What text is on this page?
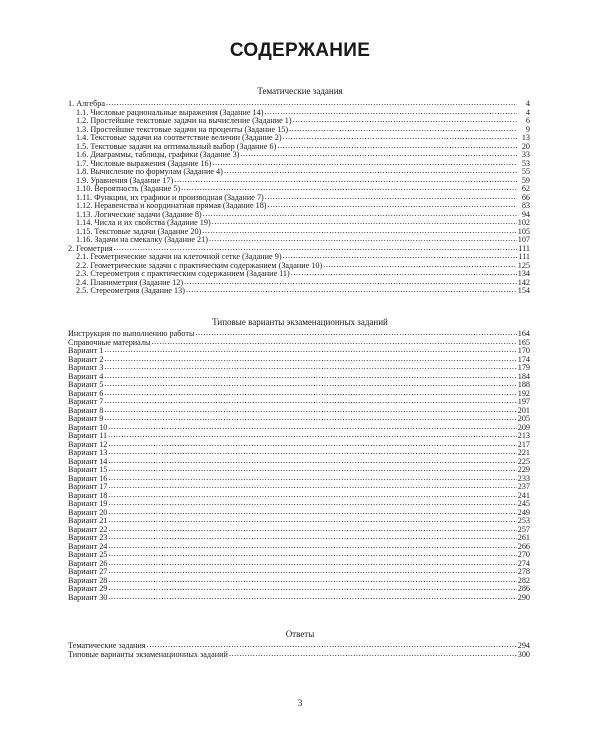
СОДЕРЖАНИЕ
Тематические задания
1. Алгебра .....	4
1.1. Числовые рациональные выражения (Задание 14) .....	4
1.2. Простейшие текстовые задачи на вычисление (Задание 1) .....	6
1.3. Простейшие текстовые задачи на проценты (Задание 15) .....	9
1.4. Текстовые задачи на соответствие величин (Задание 2) .....	13
1.5. Текстовые задачи на оптимальный выбор (Задание 6) .....	20
1.6. Диаграммы, таблицы, графики (Задание 3) .....	33
1.7. Числовые выражения (Задание 16) .....	53
1.8. Вычисление по формулам (Задание 4) .....	55
1.9. Уравнения (Задание 17) .....	59
1.10. Вероятность (Задание 5) .....	62
1.11. Функции, их графики и производная (Задание 7) .....	66
1.12. Неравенства и координатная прямая (Задание 18) .....	83
1.13. Логические задачи (Задание 8) .....	94
1.14. Числа и их свойства (Задание 19) .....	102
1.15. Текстовые задачи (Задание 20) .....	105
1.16. Задачи на смекалку (Задание 21) .....	107
2. Геометрия .....	111
2.1. Геометрические задачи на клеточной сетке (Задание 9) .....	111
2.2. Геометрические задачи с практическим содержанием (Задание 10) .....	125
2.3. Стереометрия с практическим содержанием (Задание 11) .....	134
2.4. Планиметрия (Задание 12) .....	142
2.5. Стереометрия (Задание 13) .....	154
Типовые варианты экзаменационных заданий
Инструкция по выполнению работы .....	164
Справочные материалы .....	165
Вариант 1 .....	170
Вариант 2 .....	174
Вариант 3 .....	179
Вариант 4 .....	184
Вариант 5 .....	188
Вариант 6 .....	192
Вариант 7 .....	197
Вариант 8 .....	201
Вариант 9 .....	205
Вариант 10 .....	209
Вариант 11 .....	213
Вариант 12 .....	217
Вариант 13 .....	221
Вариант 14 .....	225
Вариант 15 .....	229
Вариант 16 .....	233
Вариант 17 .....	237
Вариант 18 .....	241
Вариант 19 .....	245
Вариант 20 .....	249
Вариант 21 .....	253
Вариант 22 .....	257
Вариант 23 .....	261
Вариант 24 .....	266
Вариант 25 .....	270
Вариант 26 .....	274
Вариант 27 .....	278
Вариант 28 .....	282
Вариант 29 .....	286
Вариант 30 .....	290
Ответы
Тематические задания .....	294
Типовые варианты экзаменационных заданий .....	300
3
